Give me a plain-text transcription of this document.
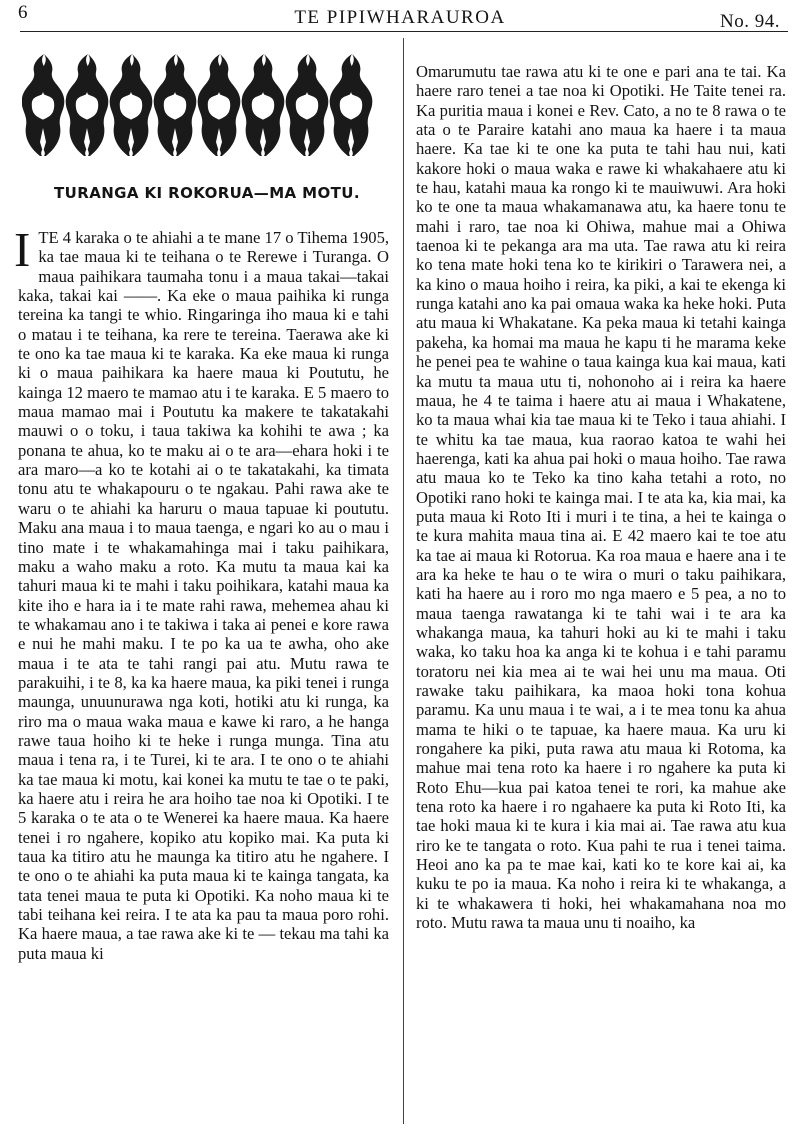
6	TE PIPIWHARAUROA	No. 94.
TURANGA KI ROKORUA—MA MOTU.

ITE 4 karaka o te ahiahi a te mane 17 o Tihema 1905, ka tae maua ki te teihana o te Rerewe i Turanga. O maua paihikara taumaha tonu i a maua takai—takai kaka, takai kai ——. Ka eke o maua paihika ki runga tereina ka tangi te whio. Ringaringa iho maua ki e tahi o matau i te teihana, ka rere te tereina. Taerawa ake ki te ono ka tae maua ki te karaka. Ka eke maua ki runga ki o maua paihikara ka haere maua ki Poututu, he kainga 12 maero te mamao atu i te karaka. E 5 maero to maua mamao mai i Poututu ka makere te takatakahi mauwi o o toku, i taua takiwa ka kohihi te awa ; ka ponana te ahua, ko te maku ai o te ara—ehara hoki i te ara maro—a ko te kotahi ai o te takatakahi, ka timata tonu atu te whakapouru o te ngakau. Pahi rawa ake te waru o te ahiahi ka haruru o maua tapuae ki poututu. Maku ana maua i to maua taenga, e ngari ko au o mau i tino mate i te whakamahinga mai i taku paihikara, maku a waho maku a roto. Ka mutu ta maua kai ka tahuri maua ki te mahi i taku poihikara, katahi maua ka kite iho e hara ia i te mate rahi rawa, mehemea ahau ki te whakamau ano i te takiwa i taka ai penei e kore rawa e nui he mahi maku. I te po ka ua te awha, oho ake maua i te ata te tahi rangi pai atu. Mutu rawa te parakuihi, i te 8, ka ka haere maua, ka piki tenei i runga maunga, unuunurawa nga koti, hotiki atu ki runga, ka riro ma o maua waka maua e kawe ki raro, a he hanga rawe taua hoiho ki te heke i runga munga. Tina atu maua i tena ra, i te Turei, ki te ara. I te ono o te ahiahi ka tae maua ki motu, kai konei ka mutu te tae o te paki, ka haere atu i reira he ara hoiho tae noa ki Opotiki. I te 5 karaka o te ata o te Wenerei ka haere maua. Ka haere tenei i ro ngahere, kopiko atu kopiko mai. Ka puta ki taua ka titiro atu he maunga ka titiro atu he ngahere. I te ono o te ahiahi ka puta maua ki te kainga tangata, ka tata tenei maua te puta ki Opotiki. Ka noho maua ki te tabi teihana kei reira. I te ata ka pau ta maua poro rohi. Ka haere maua, a tae rawa ake ki te — tekau ma tahi ka puta maua ki

Omarumutu tae rawa atu ki te one e pari ana te tai. Ka haere raro tenei a tae noa ki Opotiki. He Taite tenei ra. Ka puritia maua i konei e Rev. Cato, a no te 8 rawa o te ata o te Paraire katahi ano maua ka haere i ta maua haere. Ka tae ki te one ka puta te tahi hau nui, kati kakore hoki o maua waka e rawe ki whakahaere atu ki te hau, katahi maua ka rongo ki te mauiwuwi. Ara hoki ko te one ta maua whakamanawa atu, ka haere tonu te mahi i raro, tae noa ki Ohiwa, mahue mai a Ohiwa taenoa ki te pekanga ara ma uta. Tae rawa atu ki reira ko tena mate hoki tena ko te kirikiri o Tarawera nei, a ka kino o maua hoiho i reira, ka piki, a kai te ekenga ki runga katahi ano ka pai omaua waka ka heke hoki. Puta atu maua ki Whakatane. Ka peka maua ki tetahi kainga pakeha, ka homai ma maua he kapu ti he marama keke he penei pea te wahine o taua kainga kua kai maua, kati ka mutu ta maua utu ti, nohonoho ai i reira ka haere maua, he 4 te taima i haere atu ai maua i Whakatene, ko ta maua whai kia tae maua ki te Teko i taua ahiahi. I te whitu ka tae maua, kua raorao katoa te wahi hei haerenga, kati ka ahua pai hoki o maua hoiho. Tae rawa atu maua ko te Teko ka tino kaha tetahi a roto, no Opotiki rano hoki te kainga mai. I te ata ka, kia mai, ka puta maua ki Roto Iti i muri i te tina, a hei te kainga o te kura mahita maua tina ai. E 42 maero kai te toe atu ka tae ai maua ki Rotorua. Ka roa maua e haere ana i te ara ka heke te hau o te wira o muri o taku paihikara, kati ha haere au i roro mo nga maero e 5 pea, a no to maua taenga rawatanga ki te tahi wai i te ara ka whakanga maua, ka tahuri hoki au ki te mahi i taku waka, ko taku hoa ka anga ki te kohua i e tahi paramu toratoru nei kia mea ai te wai hei unu ma maua. Oti rawake taku paihikara, ka maoa hoki tona kohua paramu. Ka unu maua i te wai, a i te mea tonu ka ahua mama te hiki o te tapuae, ka haere maua. Ka uru ki rongahere ka piki, puta rawa atu maua ki Rotoma, ka mahue mai tena roto ka haere i ro ngahere ka puta ki Roto Ehu—kua pai katoa tenei te rori, ka mahue ake tena roto ka haere i ro ngahaere ka puta ki Roto Iti, ka tae hoki maua ki te kura i kia mai ai. Tae rawa atu kua riro ke te tangata o roto. Kua pahi te rua i tenei taima. Heoi ano ka pa te mae kai, kati ko te kore kai ai, ka kuku te po ia maua. Ka noho i reira ki te whakanga, a ki te whakawera ti hoki, hei whakamahana noa mo roto. Mutu rawa ta maua unu ti noaiho, ka
